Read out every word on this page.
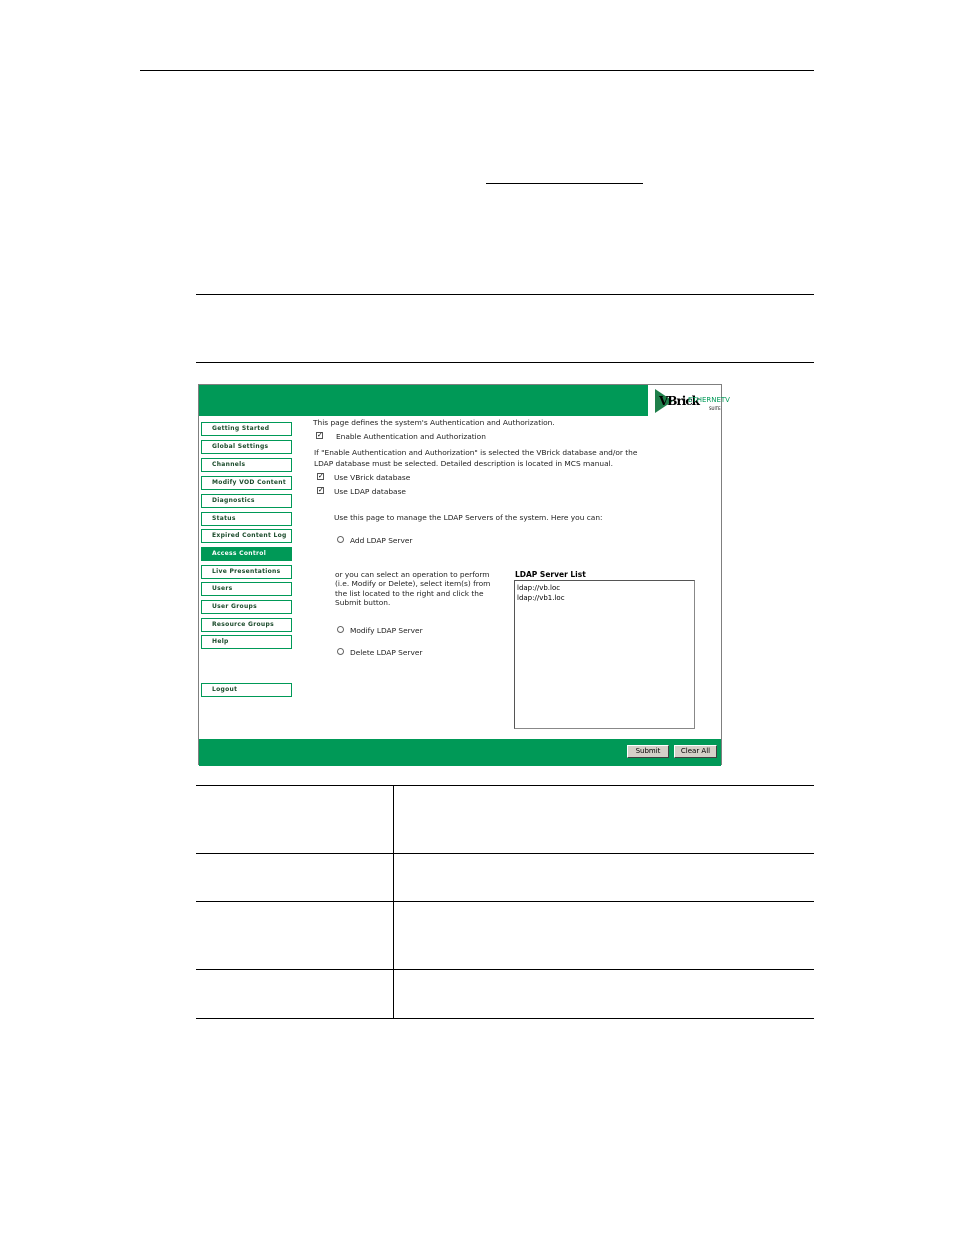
VBrick
ETHERNETV
SUITE
Logout
This page defines the system's Authentication and Authorization.
✓ Enable Authentication and Authorization
If "Enable Authentication and Authorization" is selected the VBrick database and/or the
LDAP database must be selected. Detailed description is located in MCS manual.
✓ Use VBrick database
✓ Use LDAP database
Use this page to manage the LDAP Servers of the system. Here you can:
Add LDAP Server
or you can select an operation to perform
(i.e. Modify or Delete), select item(s) from
the list located to the right and click the
Submit button.
Modify LDAP Server
Delete LDAP Server
LDAP Server List
ldap://vb.loc
ldap://vb1.loc
Submit	Clear All
Getting Started
Global Settings
Channels
Modify VOD Content
Diagnostics
Status
Expired Content Log
Access Control
Live Presentations
Users
User Groups
Resource Groups
Help
